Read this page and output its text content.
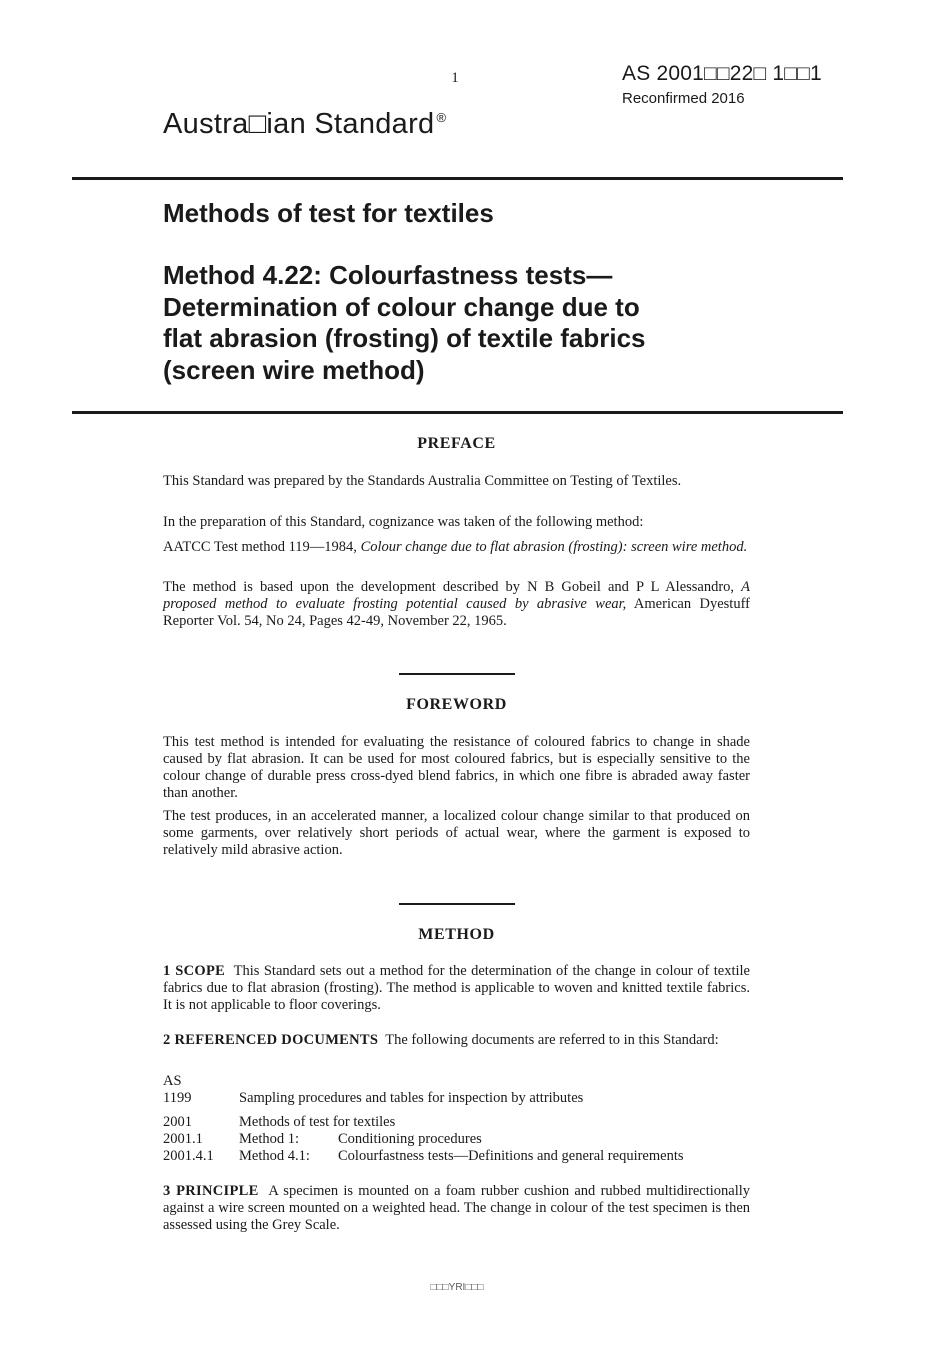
1	AS 2001□□22□ 1□□1
Reconfirmed 2016
Austra□ian Standard ®
Methods of test for textiles
Method 4.22: Colourfastness tests—
Determination of colour change due to
flat abrasion (frosting) of textile fabrics
(screen wire method)
PREFACE

This Standard was prepared by the Standards Australia Committee on Testing of Textiles.

In the preparation of this Standard, cognizance was taken of the following method:

AATCC Test method 119—1984, Colour change due to flat abrasion (frosting): screen wire method.

The method is based upon the development described by N B Gobeil and P L Alessandro, A proposed method to evaluate frosting potential caused by abrasive wear, American Dyestuff Reporter Vol. 54, No 24, Pages 42-49, November 22, 1965.

FOREWORD

This test method is intended for evaluating the resistance of coloured fabrics to change in shade caused by flat abrasion. It can be used for most coloured fabrics, but is especially sensitive to the colour change of durable press cross-dyed blend fabrics, in which one fibre is abraded away faster than another.

The test produces, in an accelerated manner, a localized colour change similar to that produced on some garments, over relatively short periods of actual wear, where the garment is exposed to relatively mild abrasive action.

METHOD

1 SCOPE This Standard sets out a method for the determination of the change in colour of textile fabrics due to flat abrasion (frosting). The method is applicable to woven and knitted textile fabrics. It is not applicable to floor coverings.

2 REFERENCED DOCUMENTS The following documents are referred to in this Standard:

AS
1199	Sampling procedures and tables for inspection by attributes	

2001	Methods of test for textiles	
2001.1	Method 1:	Conditioning procedures
2001.4.1	Method 4.1:	Colourfastness tests—Definitions and general requirements

3 PRINCIPLE A specimen is mounted on a foam rubber cushion and rubbed multidirectionally against a wire screen mounted on a weighted head. The change in colour of the test specimen is then assessed using the Grey Scale.

□□□YRI□□□
